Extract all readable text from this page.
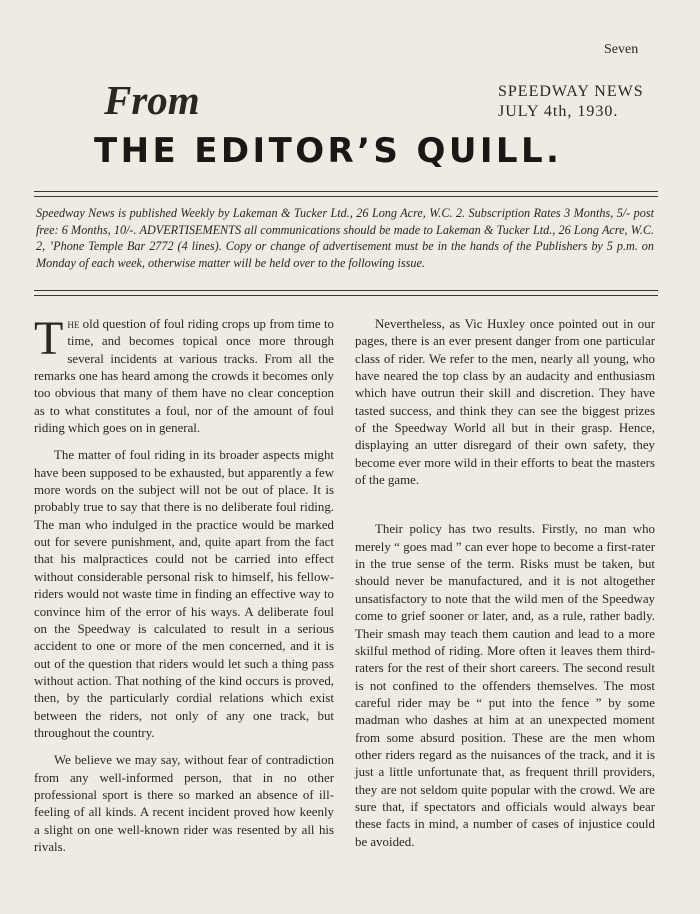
Seven
From
THE EDITOR’S QUILL.
SPEEDWAY NEWS
JULY 4th, 1930.
Speedway News is published Weekly by Lakeman & Tucker Ltd., 26 Long Acre, W.C. 2. Subscription Rates 3 Months, 5/- post free: 6 Months, 10/-. ADVERTISEMENTS all communications should be made to Lakeman & Tucker Ltd., 26 Long Acre, W.C. 2, ’Phone Temple Bar 2772 (4 lines). Copy or change of advertisement must be in the hands of the Publishers by 5 p.m. on Monday of each week, otherwise matter will be held over to the following issue.

The old question of foul riding crops up from time to time, and becomes topical once more through several incidents at various tracks. From all the remarks one has heard among the crowds it becomes only too obvious that many of them have no clear conception as to what constitutes a foul, nor of the amount of foul riding which goes on in general.

The matter of foul riding in its broader aspects might have been supposed to be exhausted, but apparently a few more words on the subject will not be out of place. It is probably true to say that there is no deliberate foul riding. The man who indulged in the practice would be marked out for severe punishment, and, quite apart from the fact that his malpractices could not be carried into effect without considerable personal risk to himself, his fellow-riders would not waste time in finding an effective way to convince him of the error of his ways. A deliberate foul on the Speedway is calculated to result in a serious accident to one or more of the men concerned, and it is out of the question that riders would let such a thing pass without action. That nothing of the kind occurs is proved, then, by the particularly cordial relations which exist between the riders, not only of any one track, but throughout the country.

We believe we may say, without fear of contradiction from any well-informed person, that in no other professional sport is there so marked an absence of ill-feeling of all kinds. A recent incident proved how keenly a slight on one well-known rider was resented by all his rivals.

Nevertheless, as Vic Huxley once pointed out in our pages, there is an ever present danger from one particular class of rider. We refer to the men, nearly all young, who have neared the top class by an audacity and enthusiasm which have outrun their skill and discretion. They have tasted success, and think they can see the biggest prizes of the Speedway World all but in their grasp. Hence, displaying an utter disregard of their own safety, they become ever more wild in their efforts to beat the masters of the game.

Their policy has two results. Firstly, no man who merely “ goes mad ” can ever hope to become a first-rater in the true sense of the term. Risks must be taken, but should never be manufactured, and it is not altogether unsatisfactory to note that the wild men of the Speedway come to grief sooner or later, and, as a rule, rather badly. Their smash may teach them caution and lead to a more skilful method of riding. More often it leaves them third-raters for the rest of their short careers. The second result is not confined to the offenders themselves. The most careful rider may be “ put into the fence ” by some madman who dashes at him at an unexpected moment from some absurd position. These are the men whom other riders regard as the nuisances of the track, and it is just a little unfortunate that, as frequent thrill providers, they are not seldom quite popular with the crowd. We are sure that, if spectators and officials would always bear these facts in mind, a number of cases of injustice could be avoided.
